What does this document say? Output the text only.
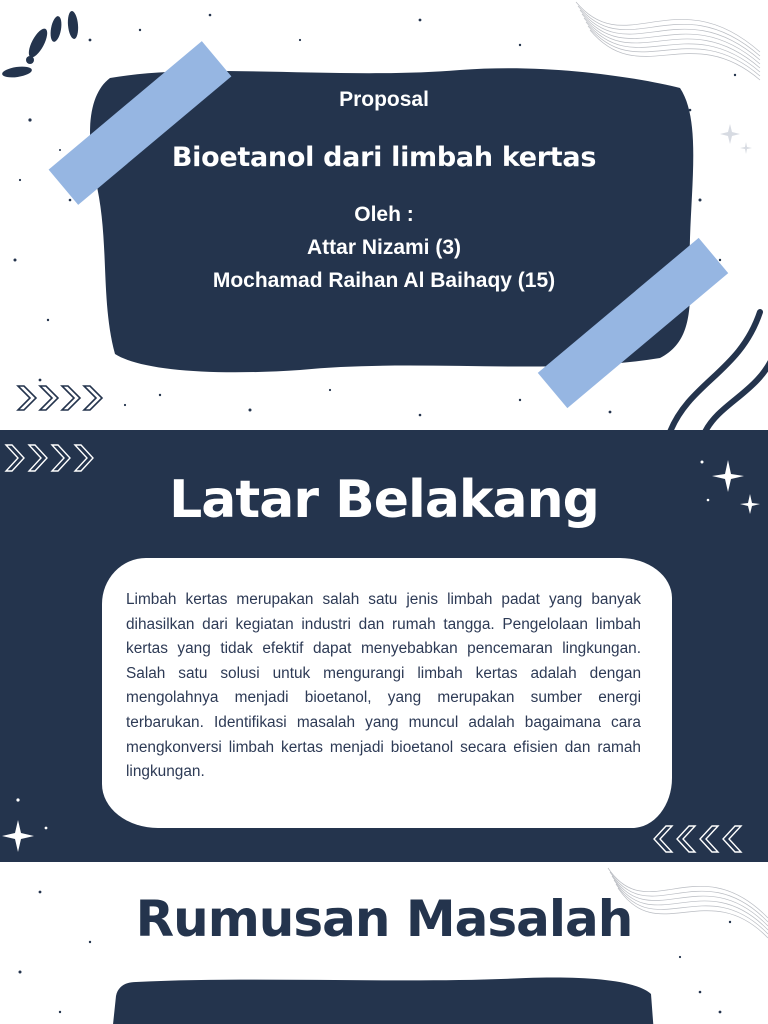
Proposal
Bioetanol dari limbah kertas
Oleh :
Attar Nizami (3)
Mochamad Raihan Al Baihaqy (15)
Latar Belakang
Limbah kertas merupakan salah satu jenis limbah padat yang banyak dihasilkan dari kegiatan industri dan rumah tangga. Pengelolaan limbah kertas yang tidak efektif dapat menyebabkan pencemaran lingkungan. Salah satu solusi untuk mengurangi limbah kertas adalah dengan mengolahnya menjadi bioetanol, yang merupakan sumber energi terbarukan. Identifikasi masalah yang muncul adalah bagaimana cara mengkonversi limbah kertas menjadi bioetanol secara efisien dan ramah lingkungan.
Rumusan Masalah
